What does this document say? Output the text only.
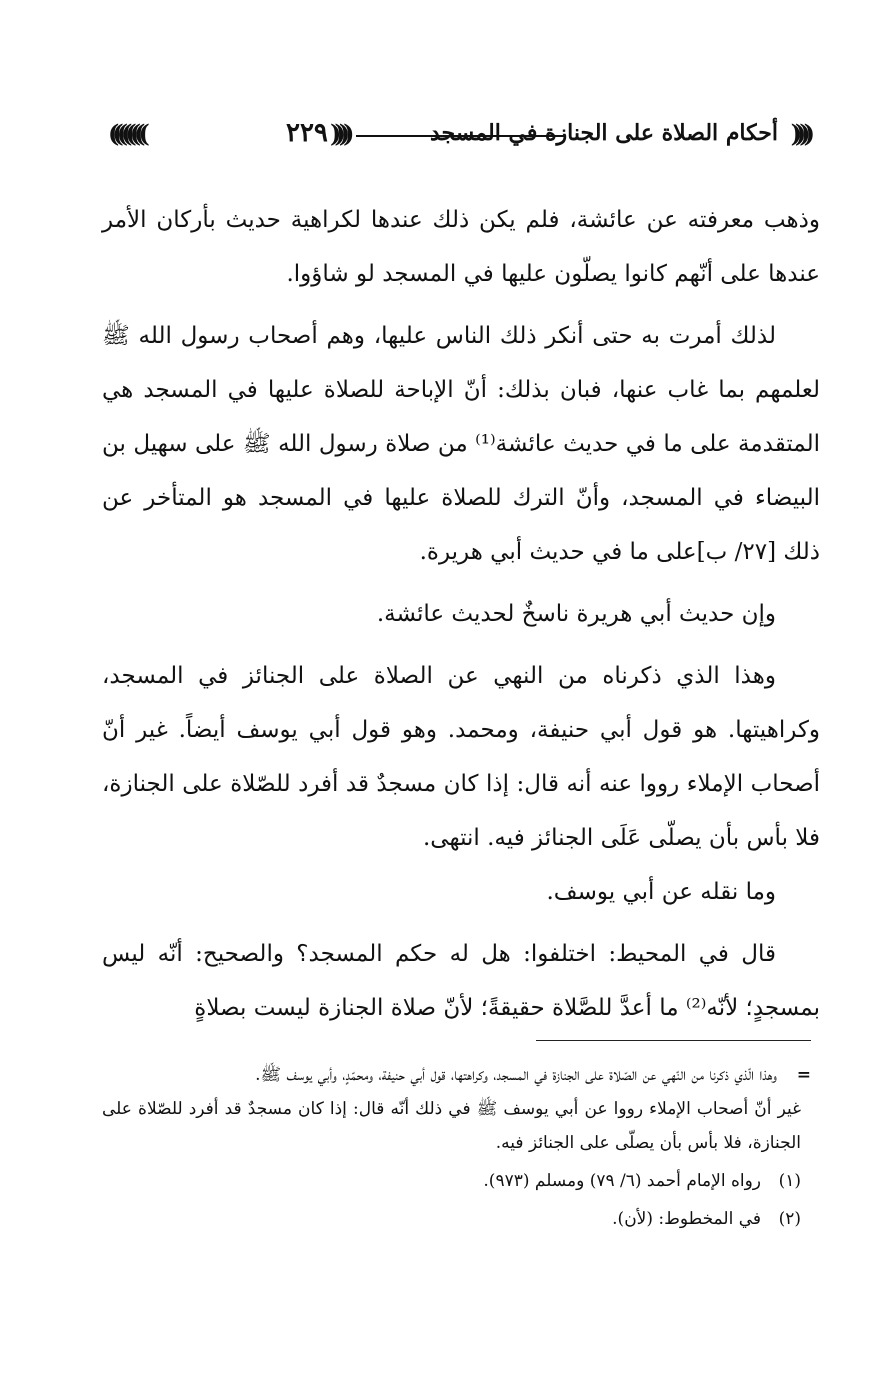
((((((((	٢٢٩ ))))	أحكام الصلاة على الجنازة في المسجد ))))

وذهب معرفته عن عائشة، فلم يكن ذلك عندها لكراهية حديث بأركان الأمر عندها على أنّهم كانوا يصلّون عليها في المسجد لو شاؤوا.

لذلك أمرت به حتى أنكر ذلك الناس عليها، وهم أصحاب رسول الله ﷺ لعلمهم بما غاب عنها، فبان بذلك: أنّ الإباحة للصلاة عليها في المسجد هي المتقدمة على ما في حديث عائشة⁽¹⁾ من صلاة رسول الله ﷺ على سهيل بن البيضاء في المسجد، وأنّ الترك للصلاة عليها في المسجد هو المتأخر عن ذلك [٢٧/ ب]على ما في حديث أبي هريرة.

وإن حديث أبي هريرة ناسخٌ لحديث عائشة.

وهذا الذي ذكرناه من النهي عن الصلاة على الجنائز في المسجد، وكراهيتها. هو قول أبي حنيفة، ومحمد. وهو قول أبي يوسف أيضاً. غير أنّ أصحاب الإملاء رووا عنه أنه قال: إذا كان مسجدٌ قد أفرد للصّلاة على الجنازة، فلا بأس بأن يصلّى عَلَى الجنائز فيه. انتهى.

وما نقله عن أبي يوسف.

قال في المحيط: اختلفوا: هل له حكم المسجد؟ والصحيح: أنّه ليس بمسجدٍ؛ لأنّه⁽²⁾ ما أعدَّ للصَّلاة حقيقةً؛ لأنّ صلاة الجنازة ليست بصلاةٍ

=
وهذا الّذي ذكرنا من النّهي عن الصّلاة على الجنازة في المسجد، وكراهتها، قول أبي حنيفة، ومحمّدٍ، وأبي يوسف ﷺ.

غير أنّ أصحاب الإملاء رووا عن أبي يوسف ﷺ في ذلك أنّه قال: إذا كان مسجدٌ قد أفرد للصّلاة على الجنازة، فلا بأس بأن يصلّى على الجنائز فيه.

(١)رواه الإمام أحمد (٦/ ٧٩) ومسلم (٩٧٣).

(٢)في المخطوط: (لأن).
